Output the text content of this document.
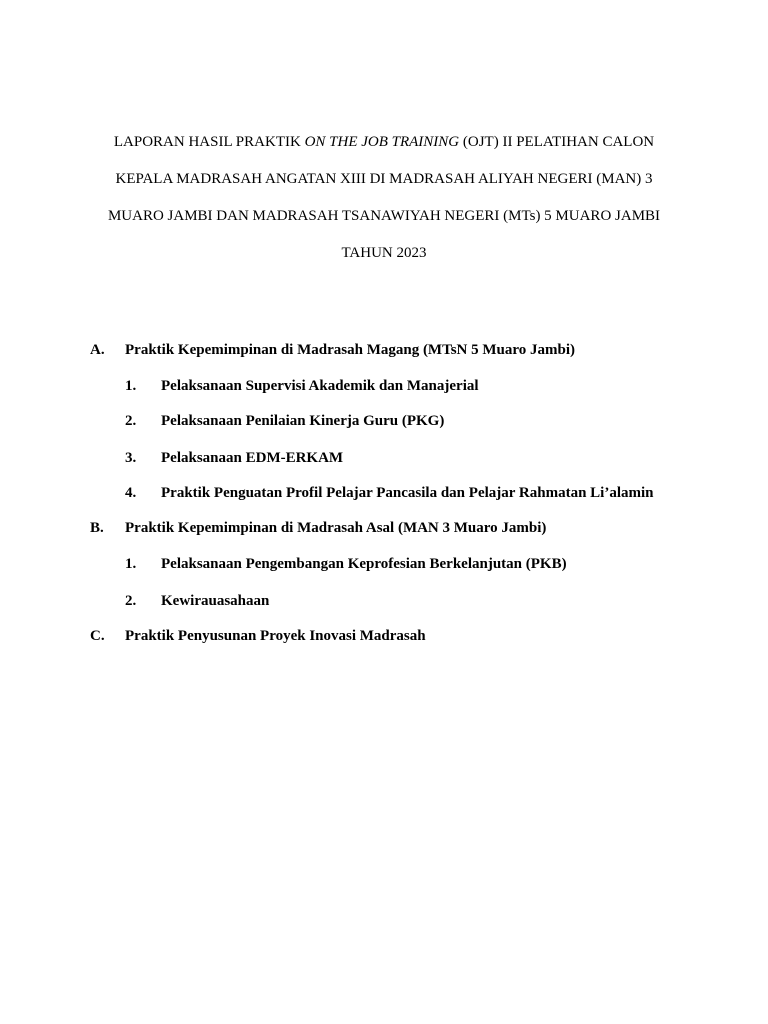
LAPORAN HASIL PRAKTIK ON THE JOB TRAINING (OJT) II PELATIHAN CALON
KEPALA MADRASAH ANGATAN XIII DI MADRASAH ALIYAH NEGERI (MAN) 3
MUARO JAMBI DAN MADRASAH TSANAWIYAH NEGERI (MTs) 5 MUARO JAMBI
TAHUN 2023
A. Praktik Kepemimpinan di Madrasah Magang (MTsN 5 Muaro Jambi)
1. Pelaksanaan Supervisi Akademik dan Manajerial
2. Pelaksanaan Penilaian Kinerja Guru (PKG)
3. Pelaksanaan EDM-ERKAM
4. Praktik Penguatan Profil Pelajar Pancasila dan Pelajar Rahmatan Li’alamin
B. Praktik Kepemimpinan di Madrasah Asal (MAN 3 Muaro Jambi)
1. Pelaksanaan Pengembangan Keprofesian Berkelanjutan (PKB)
2. Kewirauasahaan
C. Praktik Penyusunan Proyek Inovasi Madrasah
